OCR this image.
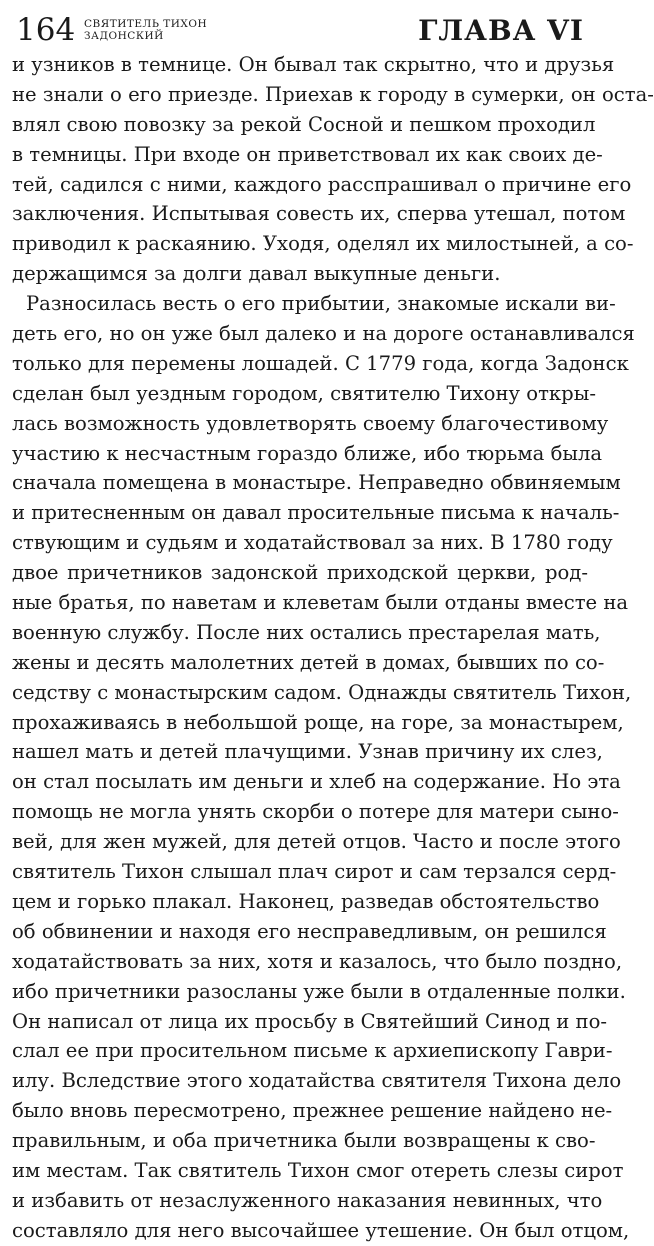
164 СВЯТИТЕЛЬ ТИХОН
ЗАДОНСКИЙ	ГЛАВА VI
и узников в темнице. Он бывал так скрытно, что и друзья
не знали о его приезде. Приехав к городу в сумерки, он оста-
влял свою повозку за рекой Сосной и пешком проходил
в темницы. При входе он приветствовал их как своих де-
тей, садился с ними, каждого расспрашивал о причине его
заключения. Испытывая совесть их, сперва утешал, потом
приводил к раскаянию. Уходя, оделял их милостыней, а со-
держащимся за долги давал выкупные деньги.
Разносилась весть о его прибытии, знакомые искали ви-
деть его, но он уже был далеко и на дороге останавливался
только для перемены лошадей. С 1779 года, когда Задонск
сделан был уездным городом, святителю Тихону откры-
лась возможность удовлетворять своему благочестивому
участию к несчастным гораздо ближе, ибо тюрьма была
сначала помещена в монастыре. Неправедно обвиняемым
и притесненным он давал просительные письма к началь-
ствующим и судьям и ходатайствовал за них. В 1780 году
двое причетников задонской приходской церкви, род-
ные братья, по наветам и клеветам были отданы вместе на
военную службу. После них остались престарелая мать,
жены и десять малолетних детей в домах, бывших по со-
седству с монастырским садом. Однажды святитель Тихон,
прохаживаясь в небольшой роще, на горе, за монастырем,
нашел мать и детей плачущими. Узнав причину их слез,
он стал посылать им деньги и хлеб на содержание. Но эта
помощь не могла унять скорби о потере для матери сыно-
вей, для жен мужей, для детей отцов. Часто и после этого
святитель Тихон слышал плач сирот и сам терзался серд-
цем и горько плакал. Наконец, разведав обстоятельство
об обвинении и находя его несправедливым, он решился
ходатайствовать за них, хотя и казалось, что было поздно,
ибо причетники разосланы уже были в отдаленные полки.
Он написал от лица их просьбу в Святейший Синод и по-
слал ее при просительном письме к архиепископу Гаври-
илу. Вследствие этого ходатайства святителя Тихона дело
было вновь пересмотрено, прежнее решение найдено не-
правильным, и оба причетника были возвращены к сво-
им местам. Так святитель Тихон смог отереть слезы сирот
и избавить от незаслуженного наказания невинных, что
составляло для него высочайшее утешение. Он был отцом,
